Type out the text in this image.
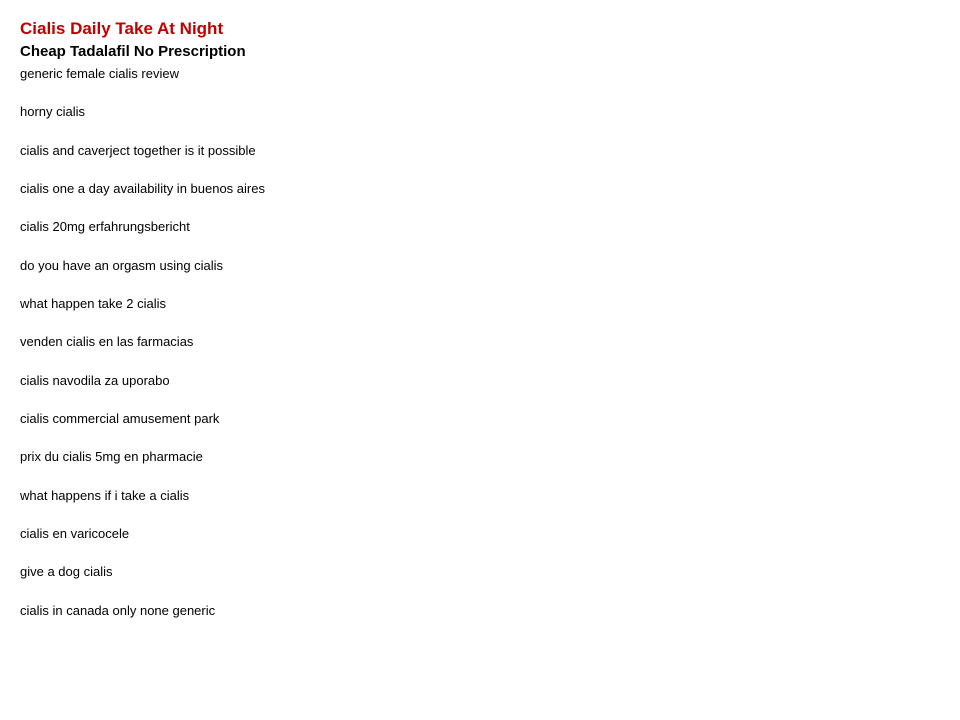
Cialis Daily Take At Night
Cheap Tadalafil No Prescription
generic female cialis review
horny cialis
cialis and caverject together is it possible
cialis one a day availability in buenos aires
cialis 20mg erfahrungsbericht
do you have an orgasm using cialis
what happen take 2 cialis
venden cialis en las farmacias
cialis navodila za uporabo
cialis commercial amusement park
prix du cialis 5mg en pharmacie
what happens if i take a cialis
cialis en varicocele
give a dog cialis
cialis in canada only none generic
